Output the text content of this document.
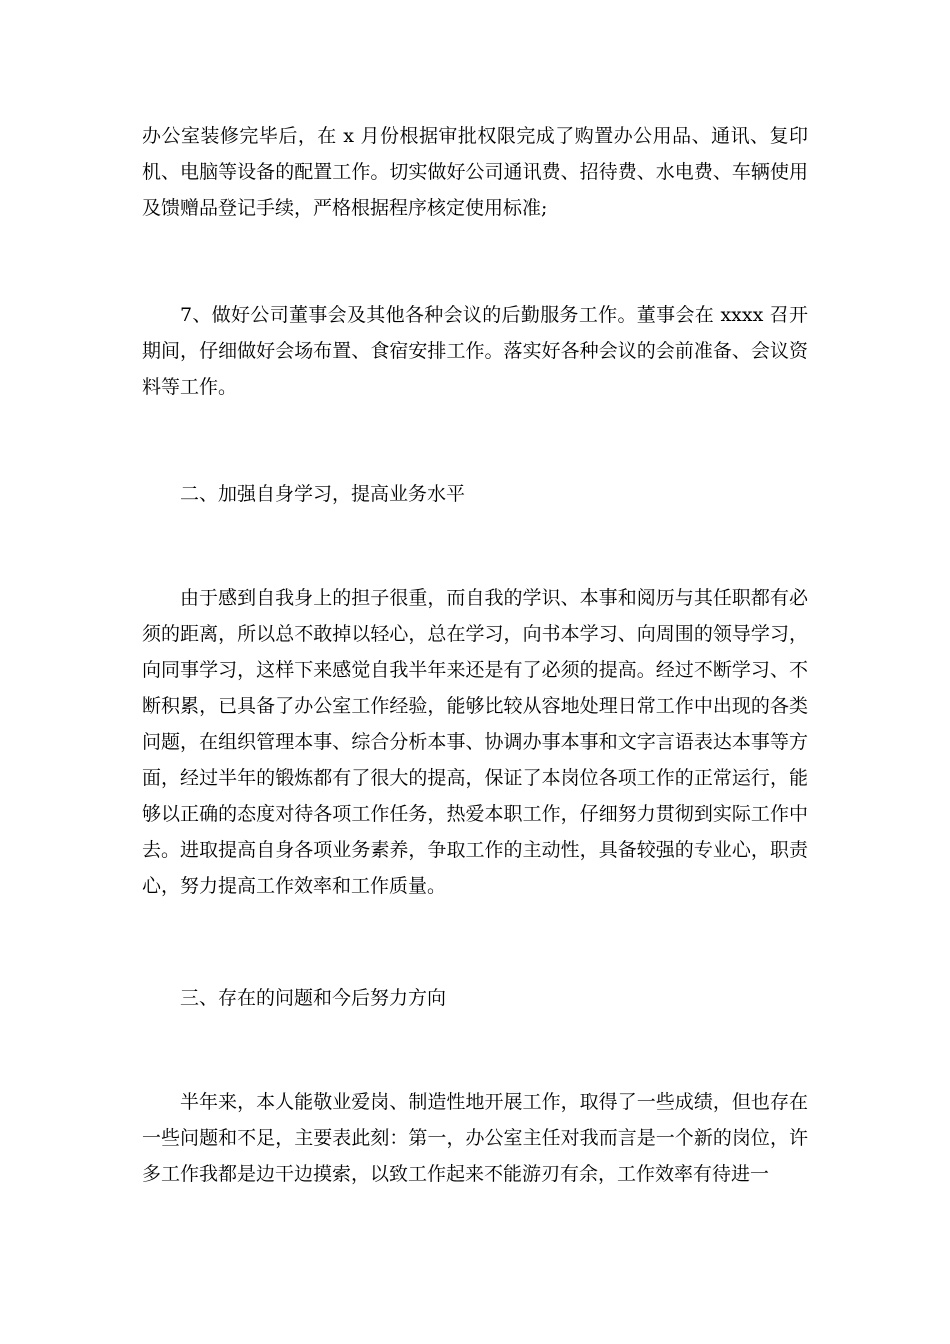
办公室装修完毕后，在 x 月份根据审批权限完成了购置办公用品、通讯、复印机、电脑等设备的配置工作。切实做好公司通讯费、招待费、水电费、车辆使用及馈赠品登记手续，严格根据程序核定使用标准;

7、做好公司董事会及其他各种会议的后勤服务工作。董事会在 xxxx 召开期间，仔细做好会场布置、食宿安排工作。落实好各种会议的会前准备、会议资料等工作。

二、加强自身学习，提高业务水平

由于感到自我身上的担子很重，而自我的学识、本事和阅历与其任职都有必须的距离，所以总不敢掉以轻心，总在学习，向书本学习、向周围的领导学习，向同事学习，这样下来感觉自我半年来还是有了必须的提高。经过不断学习、不断积累，已具备了办公室工作经验，能够比较从容地处理日常工作中出现的各类问题，在组织管理本事、综合分析本事、协调办事本事和文字言语表达本事等方面，经过半年的锻炼都有了很大的提高，保证了本岗位各项工作的正常运行，能够以正确的态度对待各项工作任务，热爱本职工作，仔细努力贯彻到实际工作中去。进取提高自身各项业务素养，争取工作的主动性，具备较强的专业心，职责心，努力提高工作效率和工作质量。

三、存在的问题和今后努力方向

半年来，本人能敬业爱岗、制造性地开展工作，取得了一些成绩，但也存在一些问题和不足，主要表此刻：第一，办公室主任对我而言是一个新的岗位，许多工作我都是边干边摸索，以致工作起来不能游刃有余，工作效率有待进一
